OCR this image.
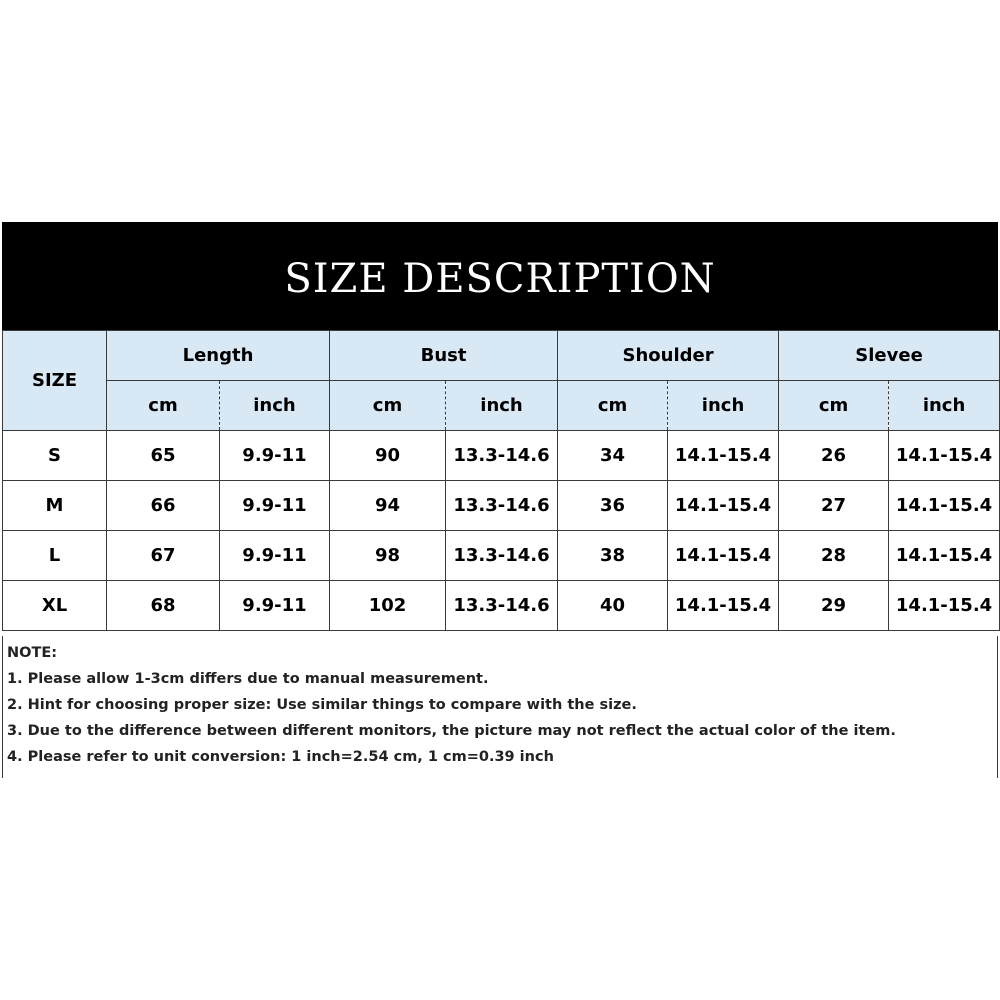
SIZE DESCRIPTION
SIZE	Length		Bust		Shoulder		Slevee	
	cm	inch	cm	inch	cm	inch	cm	inch
S	65	9.9-11	90	13.3-14.6	34	14.1-15.4	26	14.1-15.4
M	66	9.9-11	94	13.3-14.6	36	14.1-15.4	27	14.1-15.4
L	67	9.9-11	98	13.3-14.6	38	14.1-15.4	28	14.1-15.4
XL	68	9.9-11	102	13.3-14.6	40	14.1-15.4	29	14.1-15.4
NOTE:
1. Please allow 1-3cm differs due to manual measurement.
2. Hint for choosing proper size: Use similar things to compare with the size.
3. Due to the difference between different monitors, the picture may not reflect the actual color of the item.
4. Please refer to unit conversion: 1 inch=2.54 cm, 1 cm=0.39 inch
